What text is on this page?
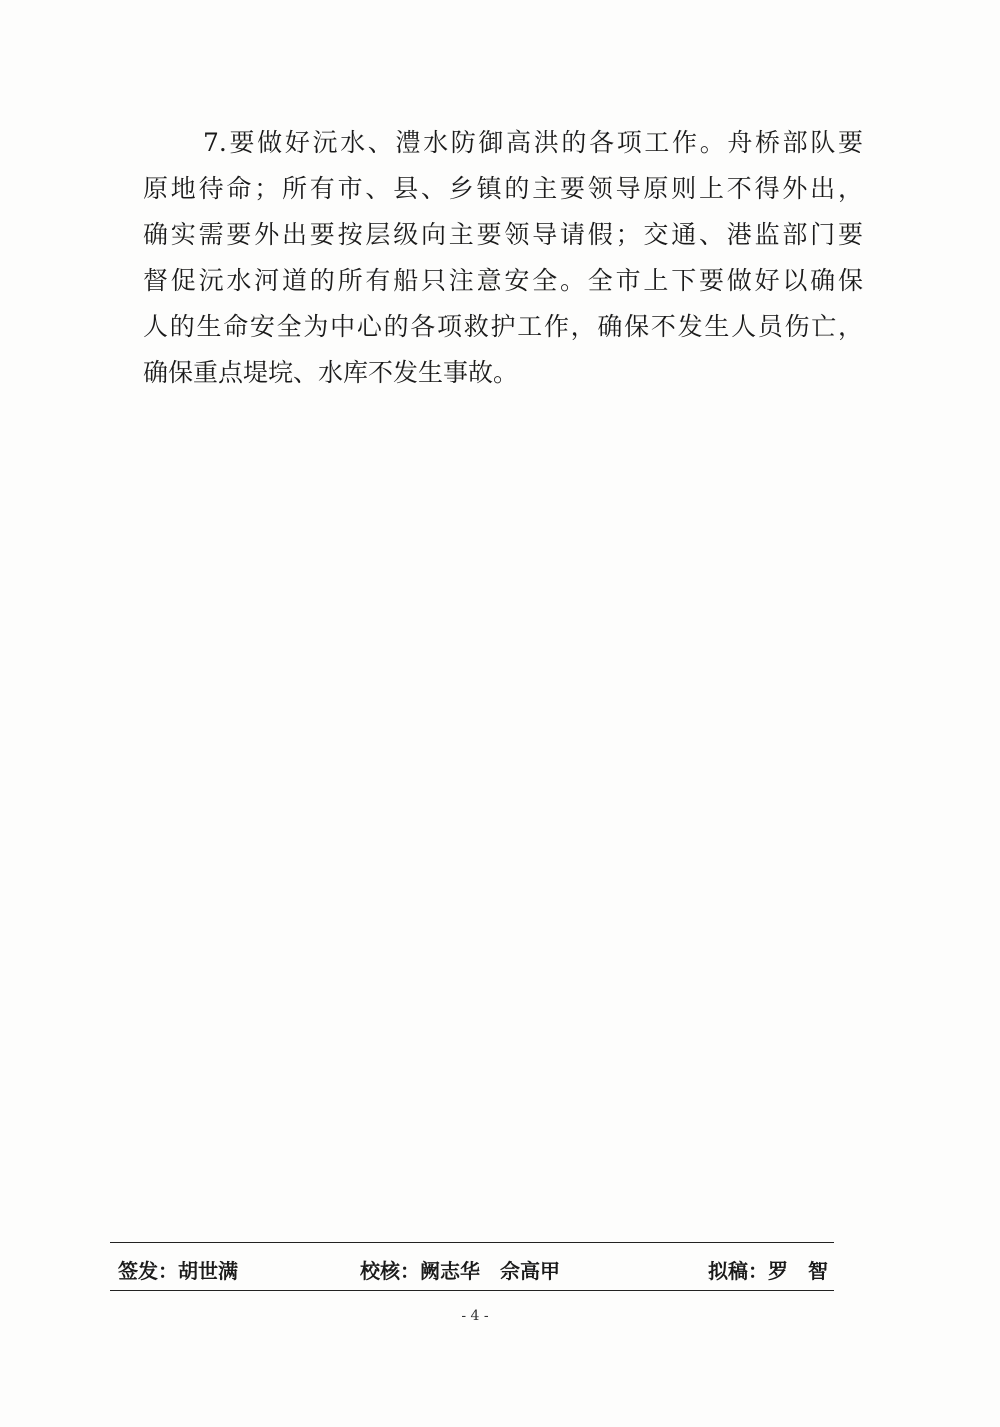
7.要做好沅水、澧水防御高洪的各项工作。舟桥部队要
原地待命；所有市、县、乡镇的主要领导原则上不得外出，
确实需要外出要按层级向主要领导请假；交通、港监部门要
督促沅水河道的所有船只注意安全。全市上下要做好以确保
人的生命安全为中心的各项救护工作，确保不发生人员伤亡，
确保重点堤垸、水库不发生事故。
签发：胡世满	校核：阙志华　佘高甲	拟稿：罗　智
- 4 -
